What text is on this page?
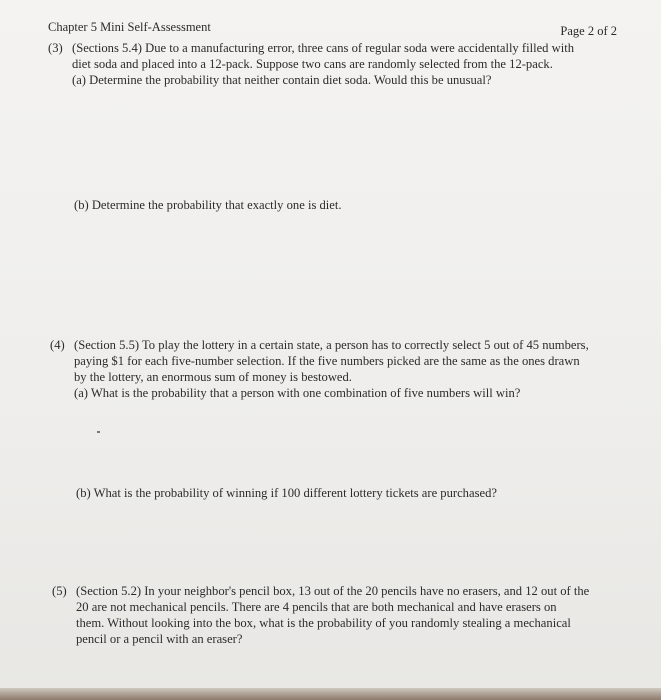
Chapter 5 Mini Self-Assessment	Page 2 of 2
(3) (Sections 5.4) Due to a manufacturing error, three cans of regular soda were accidentally filled with
diet soda and placed into a 12-pack. Suppose two cans are randomly selected from the 12-pack.
(a) Determine the probability that neither contain diet soda. Would this be unusual?
(b) Determine the probability that exactly one is diet.
(4) (Section 5.5) To play the lottery in a certain state, a person has to correctly select 5 out of 45 numbers,
paying $1 for each five-number selection. If the five numbers picked are the same as the ones drawn
by the lottery, an enormous sum of money is bestowed.
(a) What is the probability that a person with one combination of five numbers will win?
(b) What is the probability of winning if 100 different lottery tickets are purchased?
(5) (Section 5.2) In your neighbor's pencil box, 13 out of the 20 pencils have no erasers, and 12 out of the
20 are not mechanical pencils. There are 4 pencils that are both mechanical and have erasers on
them. Without looking into the box, what is the probability of you randomly stealing a mechanical
pencil or a pencil with an eraser?
